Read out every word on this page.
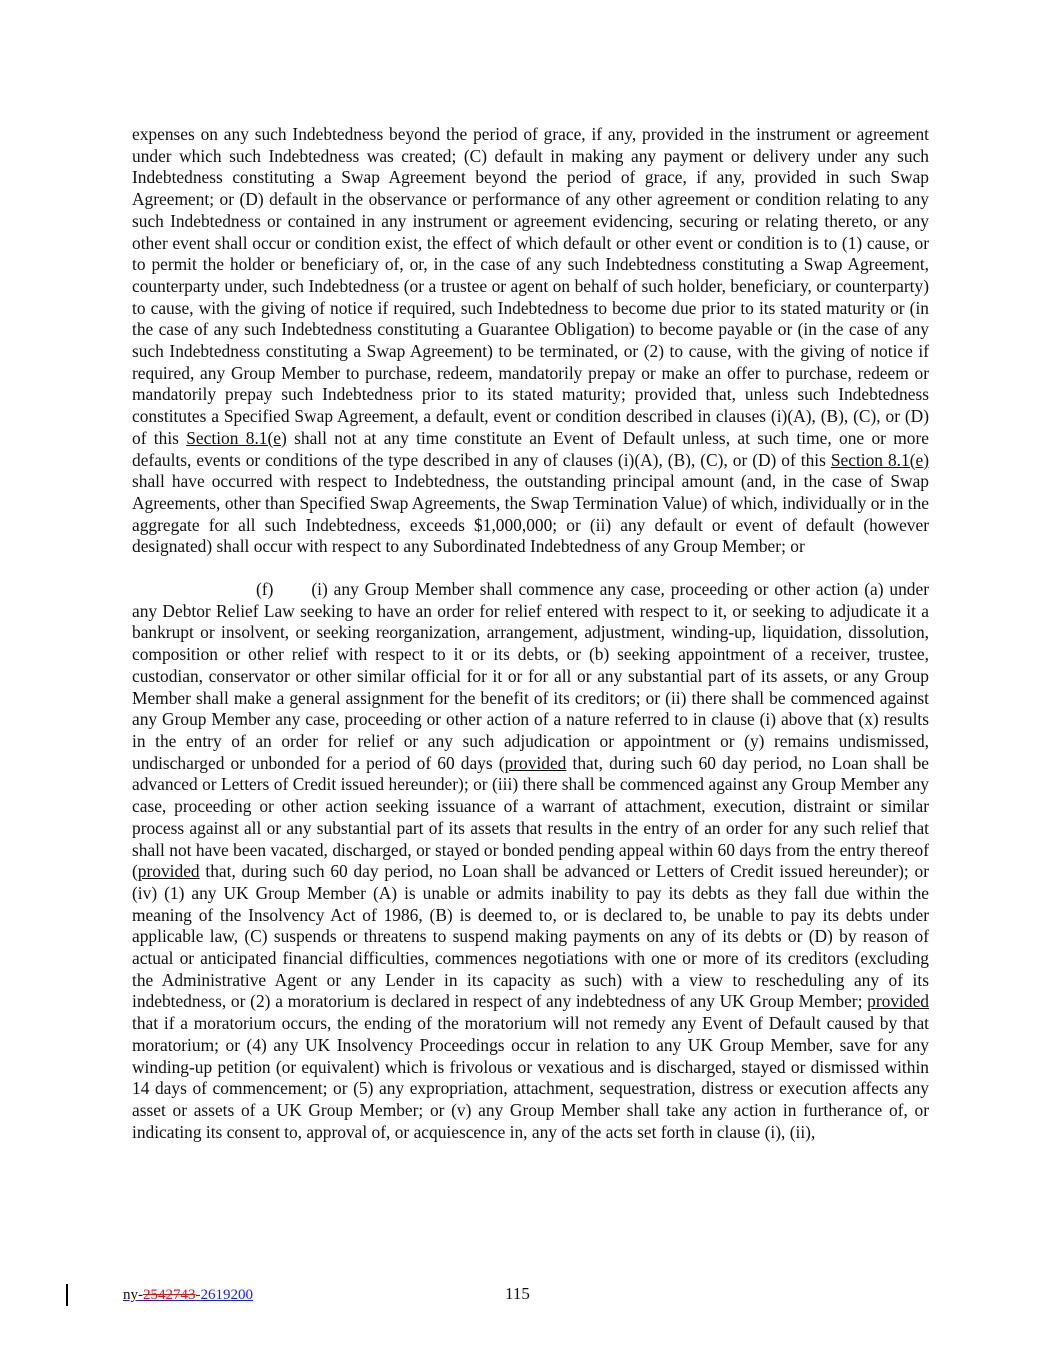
expenses on any such Indebtedness beyond the period of grace, if any, provided in the instrument or agreement under which such Indebtedness was created; (C) default in making any payment or delivery under any such Indebtedness constituting a Swap Agreement beyond the period of grace, if any, provided in such Swap Agreement; or (D) default in the observance or performance of any other agreement or condition relating to any such Indebtedness or contained in any instrument or agreement evidencing, securing or relating thereto, or any other event shall occur or condition exist, the effect of which default or other event or condition is to (1) cause, or to permit the holder or beneficiary of, or, in the case of any such Indebtedness constituting a Swap Agreement, counterparty under, such Indebtedness (or a trustee or agent on behalf of such holder, beneficiary, or counterparty) to cause, with the giving of notice if required, such Indebtedness to become due prior to its stated maturity or (in the case of any such Indebtedness constituting a Guarantee Obligation) to become payable or (in the case of any such Indebtedness constituting a Swap Agreement) to be terminated, or (2) to cause, with the giving of notice if required, any Group Member to purchase, redeem, mandatorily prepay or make an offer to purchase, redeem or mandatorily prepay such Indebtedness prior to its stated maturity; provided that, unless such Indebtedness constitutes a Specified Swap Agreement, a default, event or condition described in clauses (i)(A), (B), (C), or (D) of this Section 8.1(e) shall not at any time constitute an Event of Default unless, at such time, one or more defaults, events or conditions of the type described in any of clauses (i)(A), (B), (C), or (D) of this Section 8.1(e) shall have occurred with respect to Indebtedness, the outstanding principal amount (and, in the case of Swap Agreements, other than Specified Swap Agreements, the Swap Termination Value) of which, individually or in the aggregate for all such Indebtedness, exceeds $1,000,000; or (ii) any default or event of default (however designated) shall occur with respect to any Subordinated Indebtedness of any Group Member; or

(f) (i) any Group Member shall commence any case, proceeding or other action (a) under any Debtor Relief Law seeking to have an order for relief entered with respect to it, or seeking to adjudicate it a bankrupt or insolvent, or seeking reorganization, arrangement, adjustment, winding-up, liquidation, dissolution, composition or other relief with respect to it or its debts, or (b) seeking appointment of a receiver, trustee, custodian, conservator or other similar official for it or for all or any substantial part of its assets, or any Group Member shall make a general assignment for the benefit of its creditors; or (ii) there shall be commenced against any Group Member any case, proceeding or other action of a nature referred to in clause (i) above that (x) results in the entry of an order for relief or any such adjudication or appointment or (y) remains undismissed, undischarged or unbonded for a period of 60 days (provided that, during such 60 day period, no Loan shall be advanced or Letters of Credit issued hereunder); or (iii) there shall be commenced against any Group Member any case, proceeding or other action seeking issuance of a warrant of attachment, execution, distraint or similar process against all or any substantial part of its assets that results in the entry of an order for any such relief that shall not have been vacated, discharged, or stayed or bonded pending appeal within 60 days from the entry thereof (provided that, during such 60 day period, no Loan shall be advanced or Letters of Credit issued hereunder); or (iv) (1) any UK Group Member (A) is unable or admits inability to pay its debts as they fall due within the meaning of the Insolvency Act of 1986, (B) is deemed to, or is declared to, be unable to pay its debts under applicable law, (C) suspends or threatens to suspend making payments on any of its debts or (D) by reason of actual or anticipated financial difficulties, commences negotiations with one or more of its creditors (excluding the Administrative Agent or any Lender in its capacity as such) with a view to rescheduling any of its indebtedness, or (2) a moratorium is declared in respect of any indebtedness of any UK Group Member; provided that if a moratorium occurs, the ending of the moratorium will not remedy any Event of Default caused by that moratorium; or (4) any UK Insolvency Proceedings occur in relation to any UK Group Member, save for any winding-up petition (or equivalent) which is frivolous or vexatious and is discharged, stayed or dismissed within 14 days of commencement; or (5) any expropriation, attachment, sequestration, distress or execution affects any asset or assets of a UK Group Member; or (v) any Group Member shall take any action in furtherance of, or indicating its consent to, approval of, or acquiescence in, any of the acts set forth in clause (i), (ii),

ny-2542743-2619200	115
